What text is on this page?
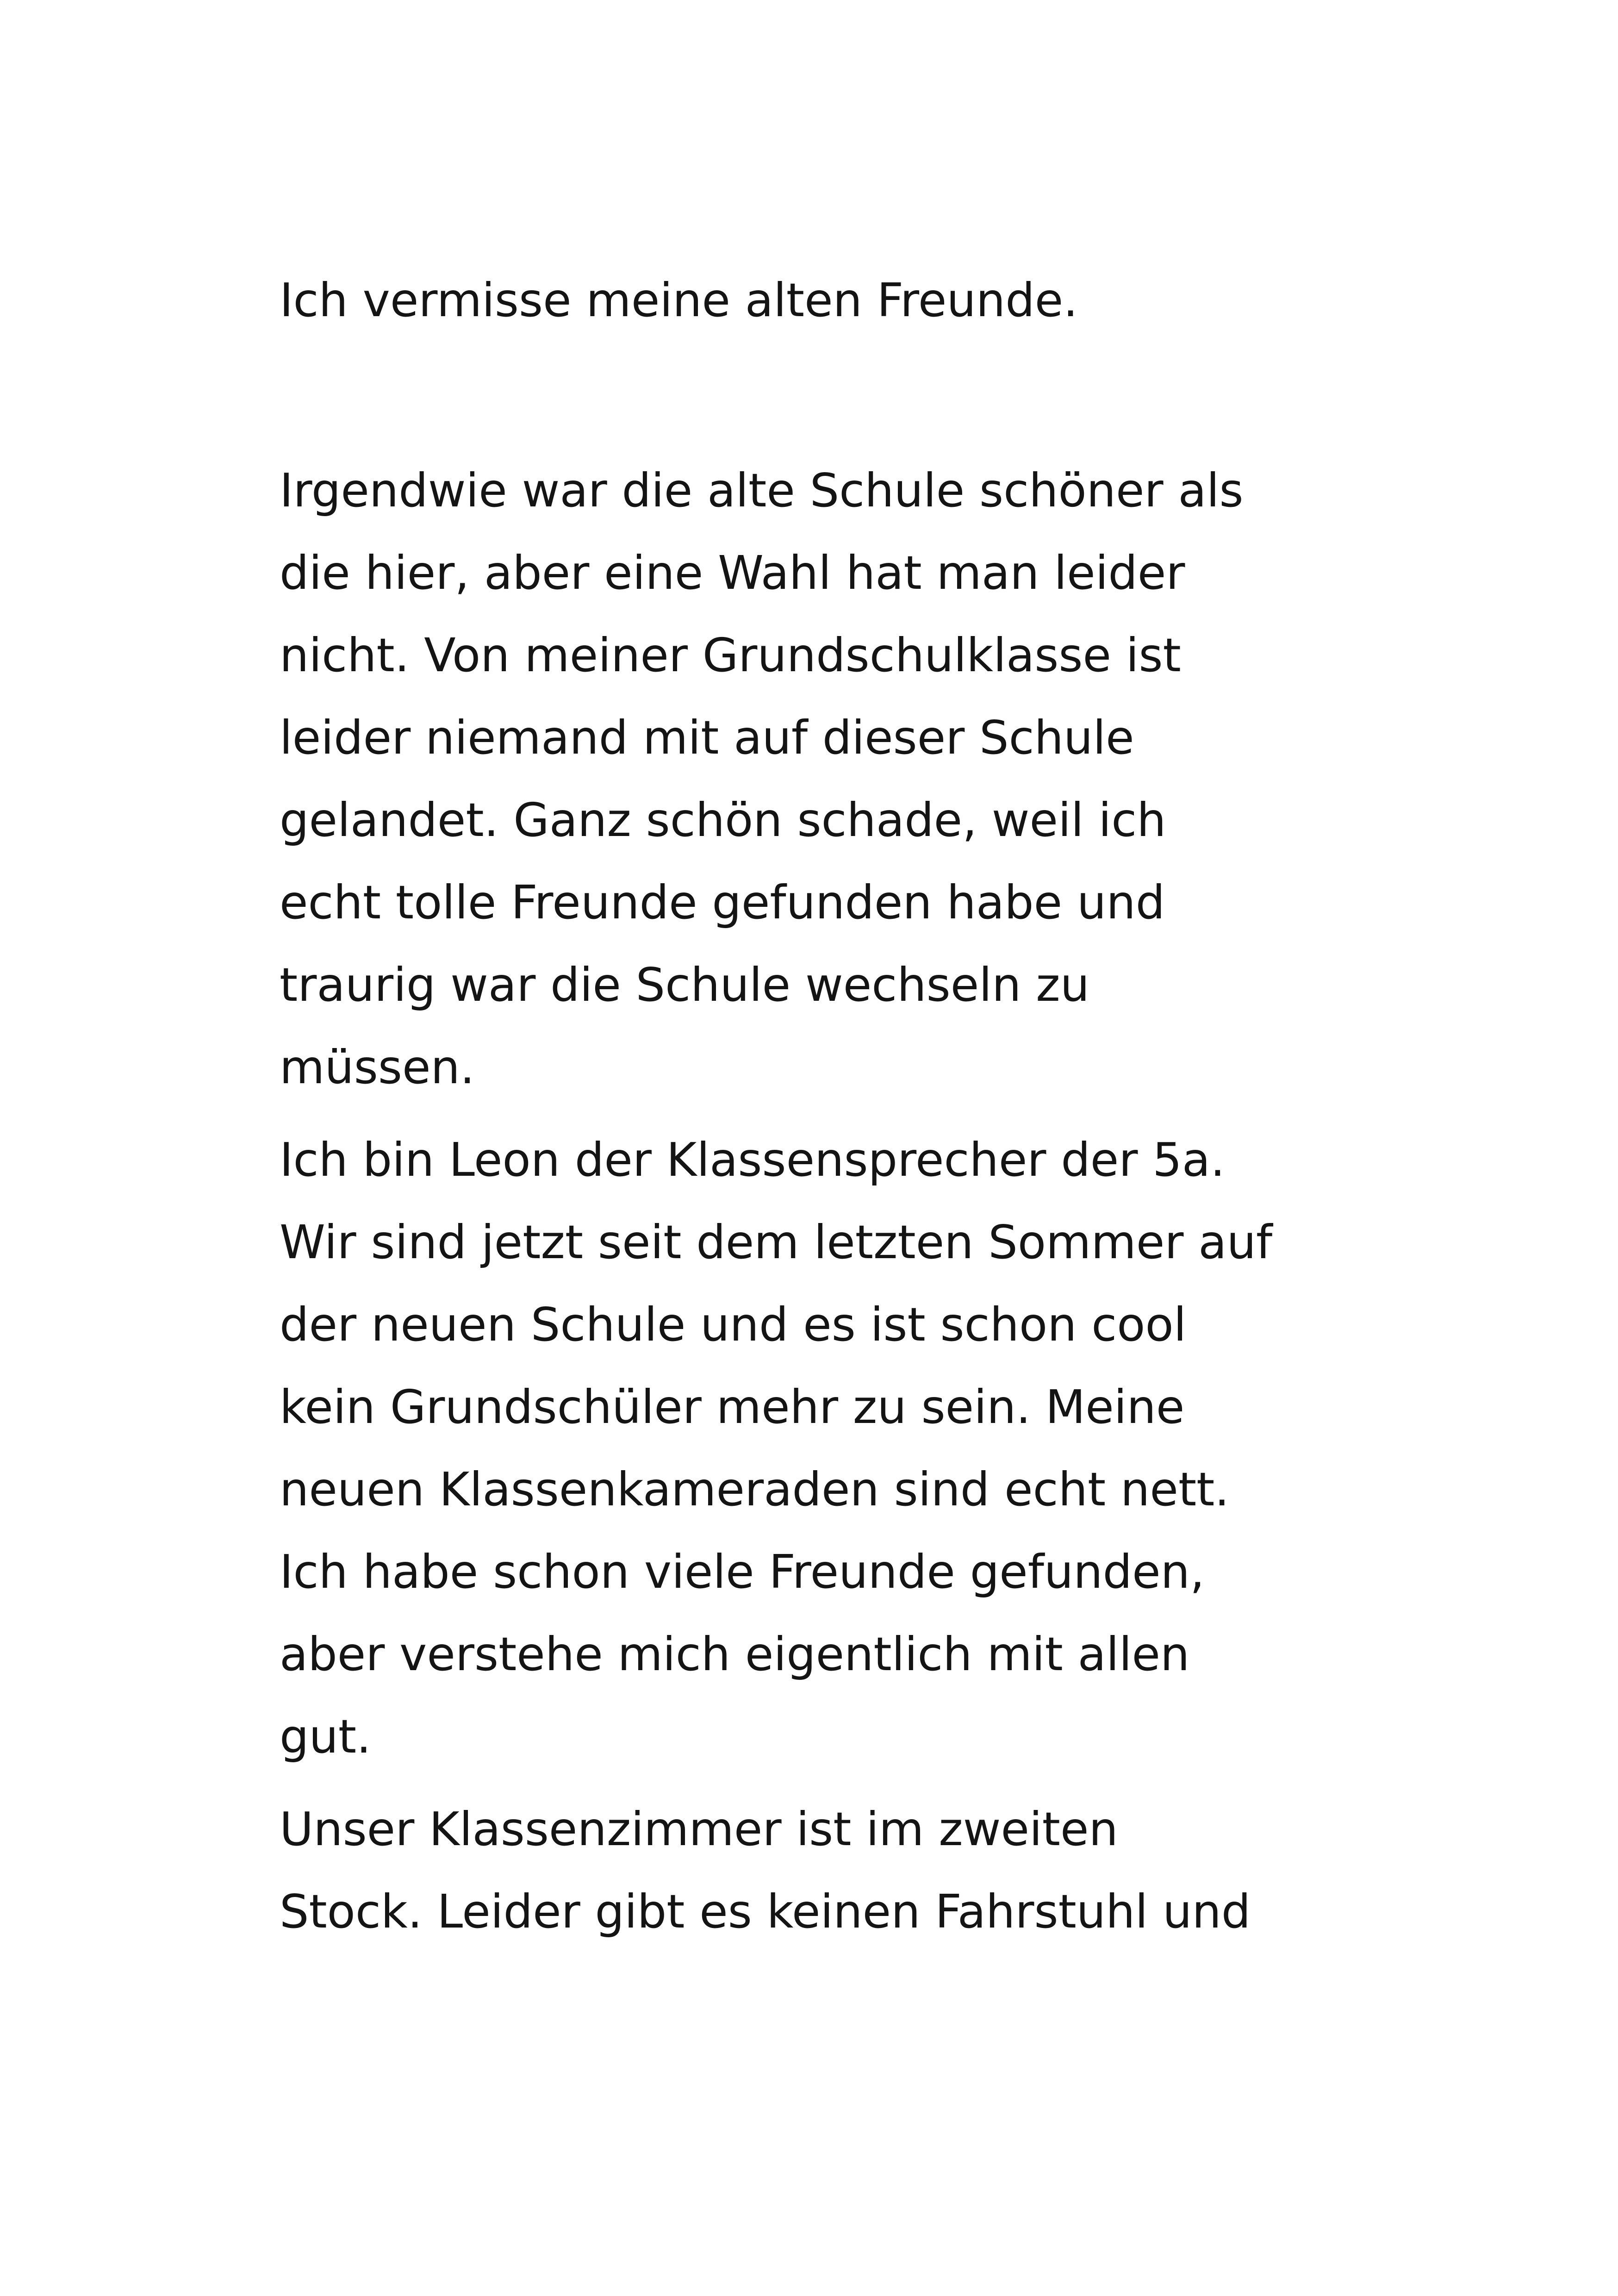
Ich vermisse meine alten Freunde.

Irgendwie war die alte Schule schöner als
die hier, aber eine Wahl hat man leider
nicht. Von meiner Grundschulklasse ist
leider niemand mit auf dieser Schule
gelandet. Ganz schön schade, weil ich
echt tolle Freunde gefunden habe und
traurig war die Schule wechseln zu
müssen.

Ich bin Leon der Klassensprecher der 5a.
Wir sind jetzt seit dem letzten Sommer auf
der neuen Schule und es ist schon cool
kein Grundschüler mehr zu sein. Meine
neuen Klassenkameraden sind echt nett.
Ich habe schon viele Freunde gefunden,
aber verstehe mich eigentlich mit allen
gut.

Unser Klassenzimmer ist im zweiten
Stock. Leider gibt es keinen Fahrstuhl und
